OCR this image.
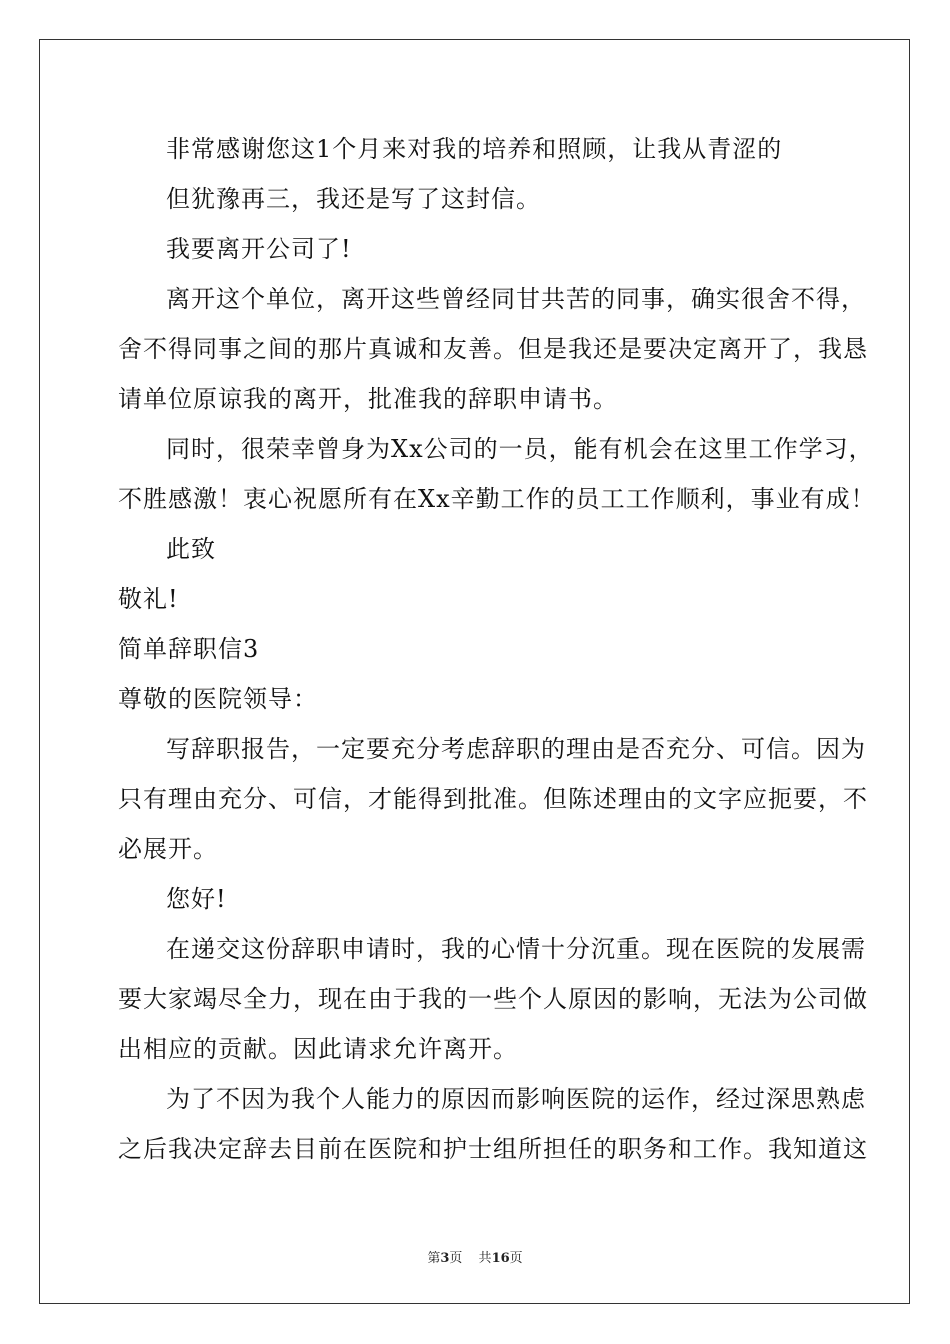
非常感谢您这1个月来对我的培养和照顾，让我从青涩的
但犹豫再三，我还是写了这封信。
我要离开公司了!
离开这个单位，离开这些曾经同甘共苦的同事，确实很舍不得，
舍不得同事之间的那片真诚和友善。但是我还是要决定离开了，我恳
请单位原谅我的离开，批准我的辞职申请书。
同时，很荣幸曾身为Xx公司的一员，能有机会在这里工作学习，
不胜感激！衷心祝愿所有在Xx辛勤工作的员工工作顺利，事业有成！
此致
敬礼!
简单辞职信3
尊敬的医院领导：
写辞职报告，一定要充分考虑辞职的理由是否充分、可信。因为
只有理由充分、可信，才能得到批准。但陈述理由的文字应扼要，不
必展开。
您好!
在递交这份辞职申请时，我的心情十分沉重。现在医院的发展需
要大家竭尽全力，现在由于我的一些个人原因的影响，无法为公司做
出相应的贡献。因此请求允许离开。
为了不因为我个人能力的原因而影响医院的运作，经过深思熟虑
之后我决定辞去目前在医院和护士组所担任的职务和工作。我知道这
第3页 共16页
